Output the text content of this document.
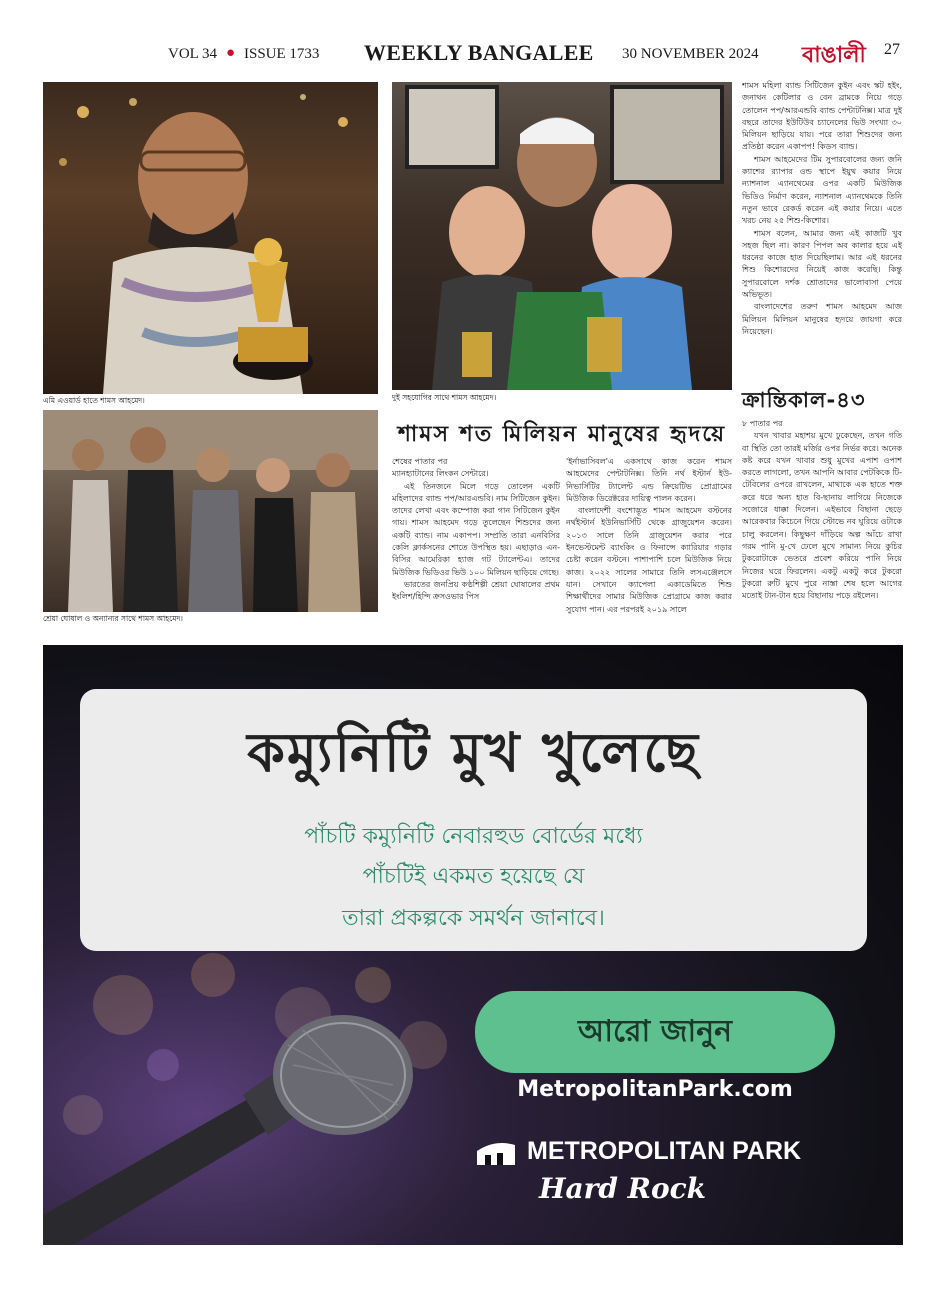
VOL 34 ● ISSUE 1733 WEEKLY BANGALEE 30 NOVEMBER 2024 বাঙালী 27
এমি এওয়ার্ড হাতে শামস আহমেদ।	দুই সহযোগির সাথে শামস আহমেদ।
শ্রেয়া ঘোষাল ও অন্যান্যর সাথে শামস আহমেদ।
শামস শত মিলিয়ন মানুষের হৃদয়ে

শেষের পাতার পর

ম্যানহ্যাটানের লিংকন সেন্টারে।

এই তিনজনে মিলে গড়ে তোলেন একটি মহিলাদের ব্যান্ড পপ/আরএন্ডবি। নাম সিটিজেন কুইন। তাদের লেখা এবং কম্পোজ করা গান সিটিজেন কুইন গায়। শামস আহমেদ গড়ে তুলেছেন শিশুদের জন্য একটি ব্যান্ড। নাম একাপপ। সম্প্রতি তারা এনবিসির কেলি ক্লার্কসনের শোতে উপস্থিত হয়। এছাড়াও এন-বিসির আমেরিকা হ্যাজ গট ট্যালেন্টএ। তাদের মিউজিক ভিডিওর ভিউ ১০০ মিলিয়ন ছাড়িয়ে গেছে।

ভারতের জনপ্রিয় কণ্ঠশিল্পী শ্রেয়া ঘোষালের প্রথম ইংলিশ/হিন্দি ক্রসওভার পিস

'ইর্নাভাসিবল'এ একসাথে কাজ করেন শামস আহমেদের পেন্টাটনিক্স। তিনি নর্থ ইস্টার্ন ইউ-নিভার্সিটির ট্যালেন্ট এন্ড ক্রিয়েটিভ প্রোগ্রামের মিউজিক ডিরেক্টরের দায়িত্ব পালন করেন।

বাংলাদেশী বংশোদ্ভূত শামস আহমেদ বস্টনের নর্থইস্টার্ন ইউনিভার্সিটি থেকে গ্রাজুয়েশন করেন। ২০১৩ সালে তিনি গ্রাজুয়েশন করার পরে ইনভেস্টমেন্ট ব্যাংকিং ও ফিনান্সে ক্যারিয়ার গড়ার চেষ্টা করেন বস্টনে। পাশাপাশি চলে মিউজিক নিয়ে কাজ। ২০২২ সালের সামারে তিনি লসএঞ্জেলসে যান। সেখানে ক্যাপেলা একাডেমিতে শিশু শিক্ষার্থীদের সামার মিউজিক প্রোগ্রামে কাজ করার সুযোগ পান। এর পরপরই ২০১৯ সালে

শামস মহিলা ব্যান্ড সিটিজেন কুইন এবং স্কট হইং, জনাথন কেটিলার ও বেন ব্রামকে নিয়ে গড়ে তোলেন পপ/আরএন্ডবি ব্যান্ড পেন্টাটনিক্স। মাত্র দুই বছরে তাদের ইউটিউব চ্যানেলের ভিউ সংখ্যা ৩০ মিলিয়ন ছাড়িয়ে যায়। পরে তারা শিশুদের জন্য প্রতিষ্ঠা করেন একাপপ! কিডস ব্যান্ড।

শামস আহমেদের টিম সুপারবোলের জন্য জনি ক্যাশের র‌্যাপার ওন্ড স্থাপে ইয়ুথ কয়ার নিয়ে ন্যাশনাল এ্যানথেমের ওপর একটি মিউজিক ভিডিও নির্মাণ করেন, ন্যাশনাল এ্যানথেমকে তিনি নতুন ভাবে রেকর্ড করেন এই কয়ার নিয়ে। এতে খরচ নেয় ২৫ শিশু-কিশোর।

শামস বলেন, আমার জন্য এই কাজটি খুব সহজ ছিল না। কারণ পিপল অব কালার হয়ে এই ধরনের কাজে হাত দিয়েছিলাম। আর এই ধরনের শিশু কিশোরদের নিয়েই কাজ করেছি। কিন্তু সুপারবোলে দর্শক শ্রোতাদের ভালোবাসা পেয়ে অভিভূত।

বাংলাদেশের তরুণ শামস আহমেদ আজ মিলিয়ন মিলিয়ন মানুষের হৃদয়ে জায়গা করে নিয়েছেন।

ক্রান্তিকাল-৪৩

৮ পাতার পর

যখন খাবার মহাশয় মুখে ঢুকেছেন, তখন গতি বা স্থিতি তো তারই মর্জির ওপর নির্ভর করে। অনেক কষ্ট করে যখন খাবার শুধু মুখের এপাশ ওপাশ করতে লাগলো, তখন আপনি আবার পেটকিকে টি-টেবিলের ওপরে রাখলেন, মাথাকে এক হাতে শক্ত করে ধরে অন্য হাত বি-ছানায় লাগিয়ে নিজেকে সজোরে ধাক্কা দিলেন। এইভাবে বিছানা ছেড়ে আরেকবার কিচেনে গিয়ে স্টোভে নব ঘুরিয়ে ওটাকে চালু করলেন। কিছুক্ষণ দাঁড়িয়ে অল্প আঁচে রাখা গরম পানি মু-খে ঢেলে মুখে সামান্য নিয়ে কুচির টুকরোটাকে ভেতরে প্রবেশ করিয়ে পানি নিয়ে নিজের ঘরে ফিরলেন। একটু একটু করে টুকরো টুকরো রুটি মুখে পুরে নাস্তা শেষ হলে আগের মতোই টান-টান হয়ে বিছানায় পড়ে রইলেন।

কম্যুনিটি মুখ খুলেছে
পাঁচটি কম্যুনিটি নেবারহুড বোর্ডের মধ্যে
পাঁচটিই একমত হয়েছে যে
তারা প্রকল্পকে সমর্থন জানাবে।
আরো জানুন
MetropolitanPark.com
METROPOLITAN PARK
Hard Rock
